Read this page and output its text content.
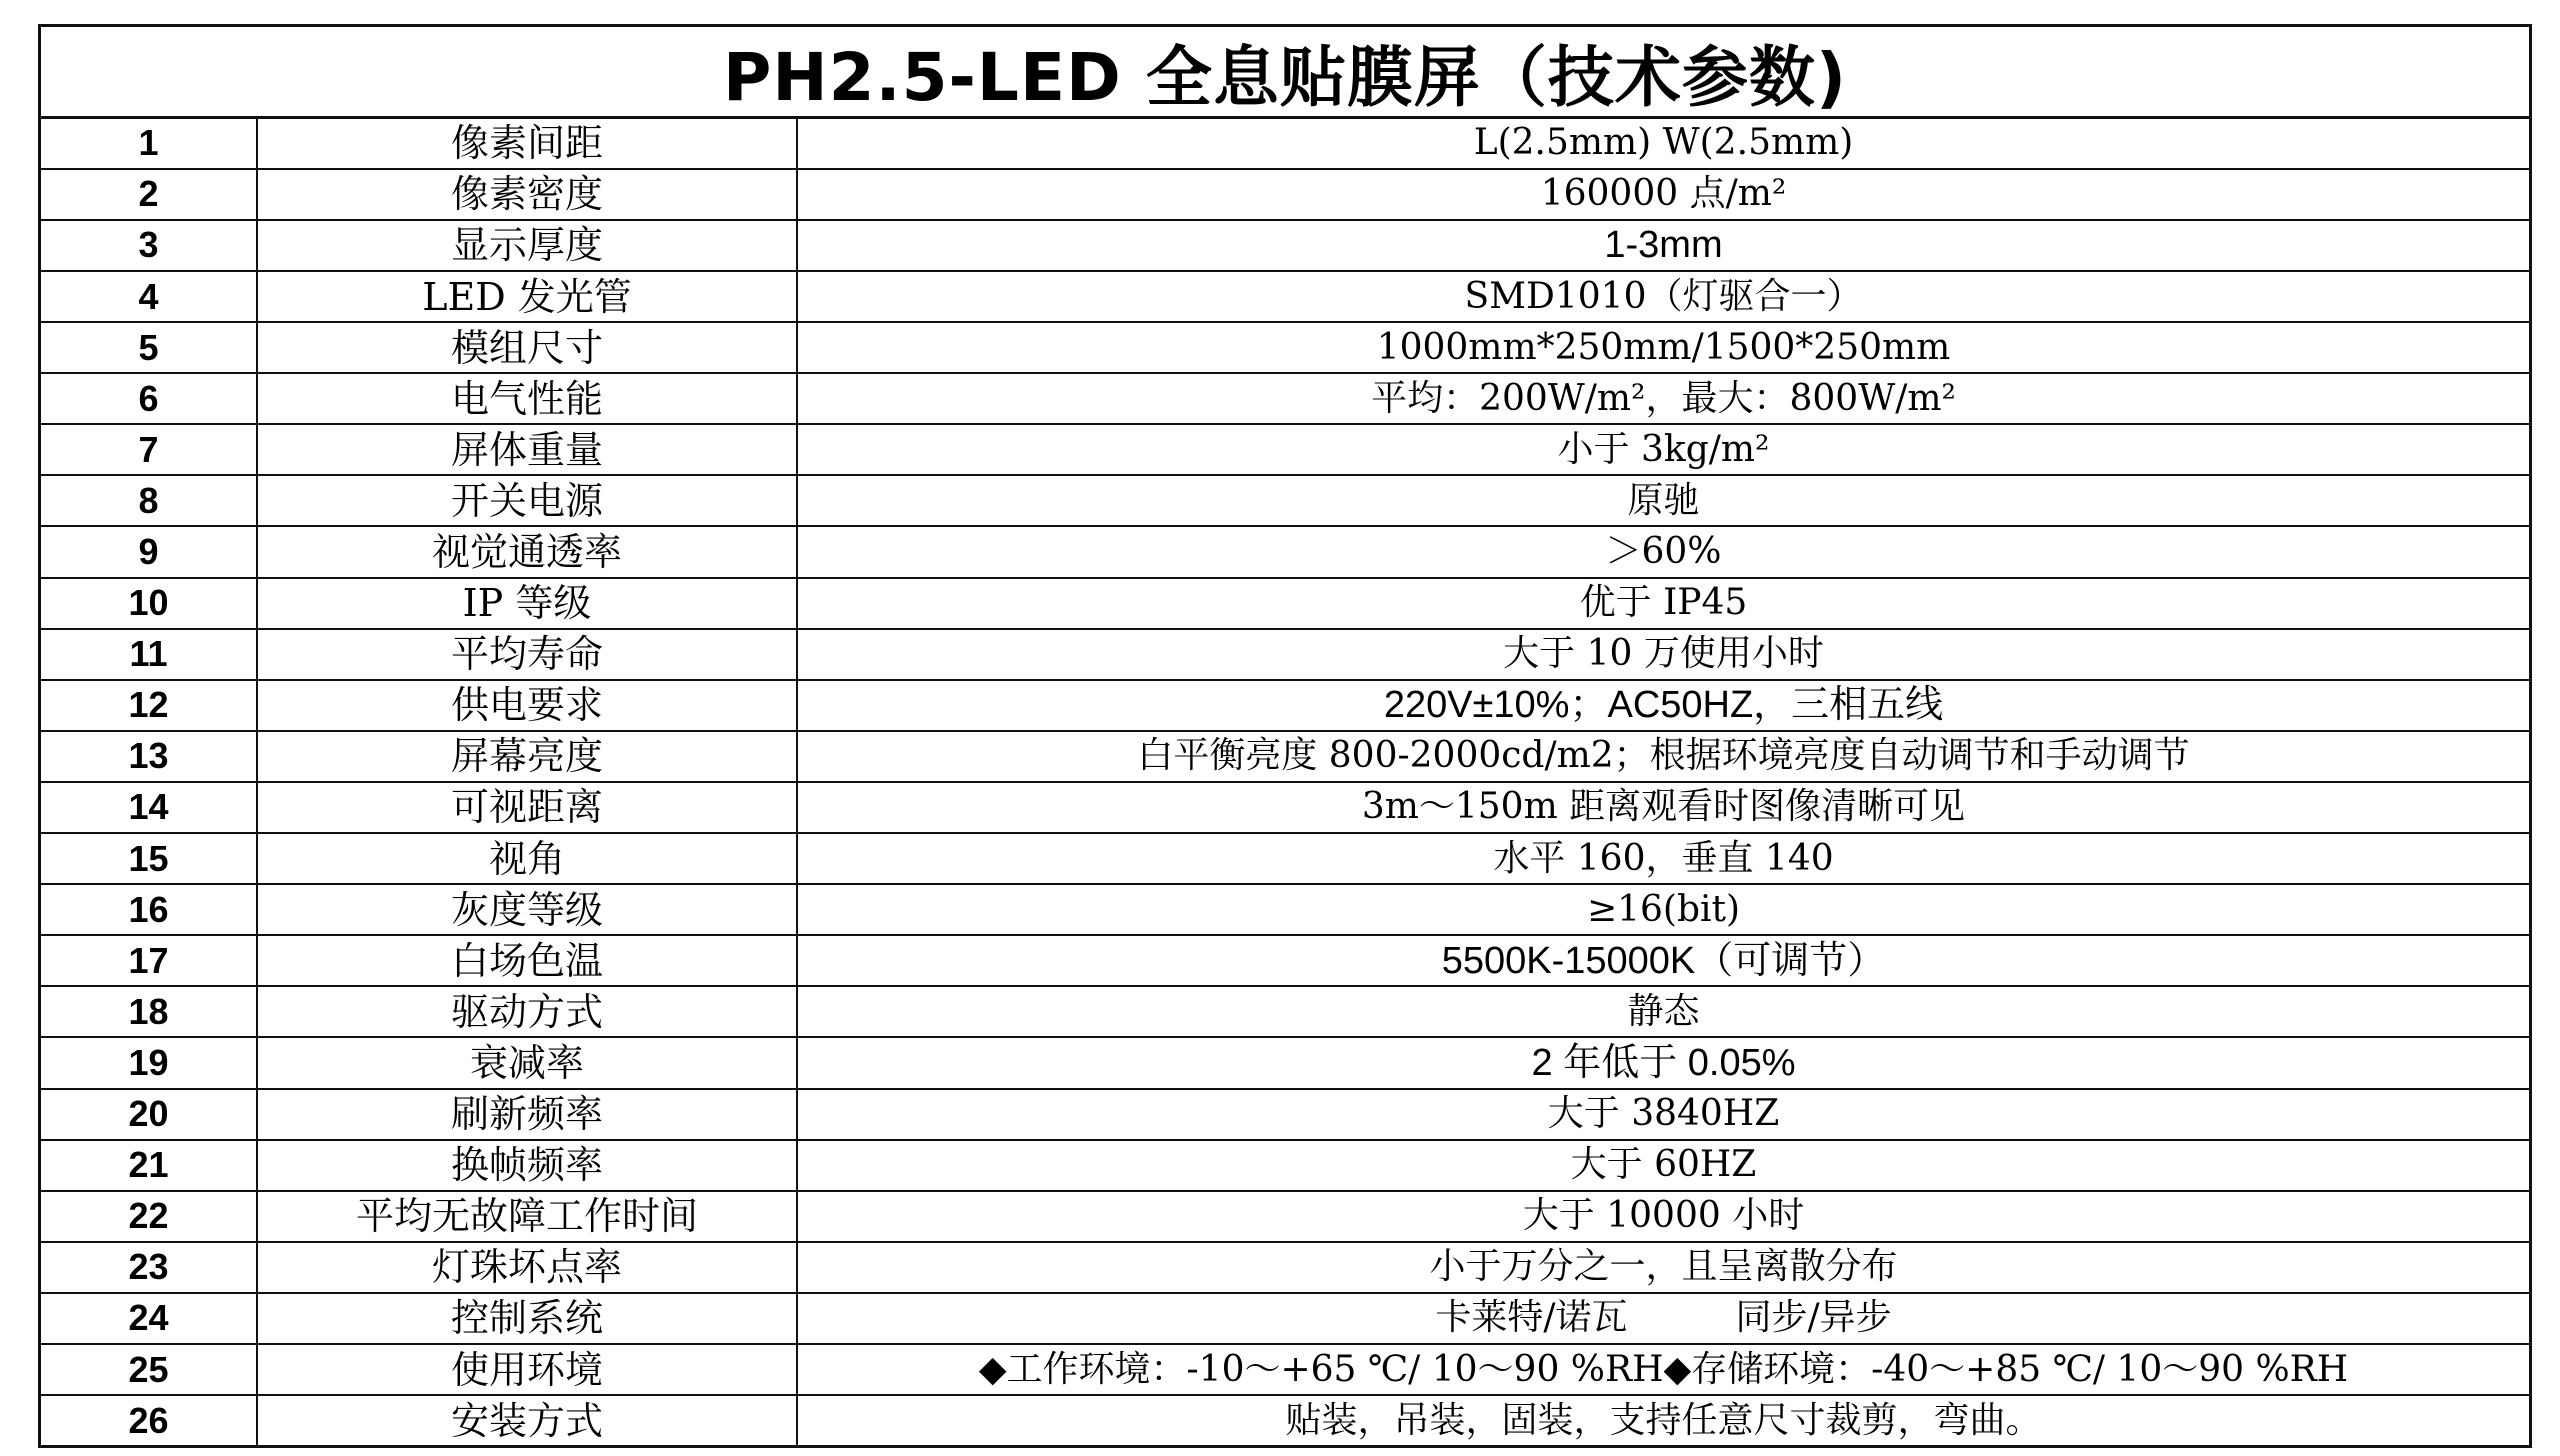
PH2.5-LED 全息贴膜屏（技术参数)
1	像素间距	L(2.5mm) W(2.5mm)
2	像素密度	160000 点/m²
3	显示厚度	1-3mm
4	LED 发光管	SMD1010（灯驱合一）
5	模组尺寸	1000mm*250mm/1500*250mm
6	电气性能	平均：200W/m²，最大：800W/m²
7	屏体重量	小于 3kg/m²
8	开关电源	原驰
9	视觉通透率	＞60%
10	IP 等级	优于 IP45
11	平均寿命	大于 10 万使用小时
12	供电要求	220V±10%；AC50HZ，三相五线
13	屏幕亮度	白平衡亮度 800-2000cd/m2；根据环境亮度自动调节和手动调节
14	可视距离	3m～150m 距离观看时图像清晰可见
15	视角	水平 160，垂直 140
16	灰度等级	≥16(bit)
17	白场色温	5500K-15000K（可调节）
18	驱动方式	静态
19	衰减率	2 年低于 0.05%
20	刷新频率	大于 3840HZ
21	换帧频率	大于 60HZ
22	平均无故障工作时间	大于 10000 小时
23	灯珠坏点率	小于万分之一，且呈离散分布
24	控制系统	卡莱特/诺瓦　　　同步/异步
25	使用环境	◆工作环境：-10～+65 ℃/ 10～90 %RH◆存储环境：-40～+85 ℃/ 10～90 %RH
26	安装方式	贴装，吊装，固装，支持任意尺寸裁剪，弯曲。
